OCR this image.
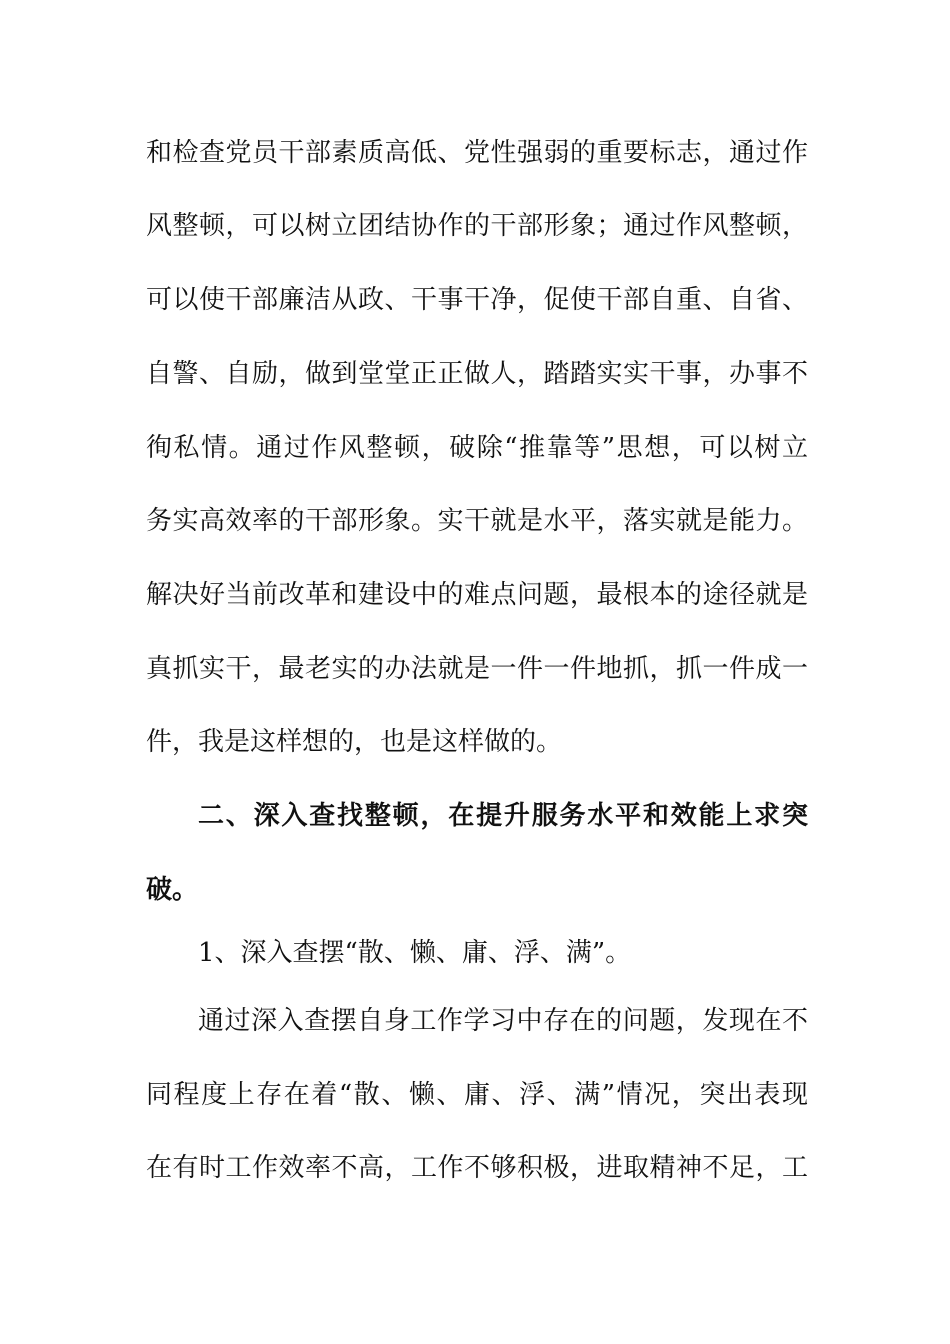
和检查党员干部素质高低、党性强弱的重要标志，通过作
风整顿，可以树立团结协作的干部形象；通过作风整顿，
可以使干部廉洁从政、干事干净，促使干部自重、自省、
自警、自励，做到堂堂正正做人，踏踏实实干事，办事不
徇私情。通过作风整顿，破除“推靠等”思想，可以树立
务实高效率的干部形象。实干就是水平，落实就是能力。
解决好当前改革和建设中的难点问题，最根本的途径就是
真抓实干，最老实的办法就是一件一件地抓，抓一件成一
件，我是这样想的，也是这样做的。
二、深入查找整顿，在提升服务水平和效能上求突
破。
1、深入查摆“散、懒、庸、浮、满”。
通过深入查摆自身工作学习中存在的问题，发现在不
同程度上存在着“散、懒、庸、浮、满”情况，突出表现
在有时工作效率不高，工作不够积极，进取精神不足，工
